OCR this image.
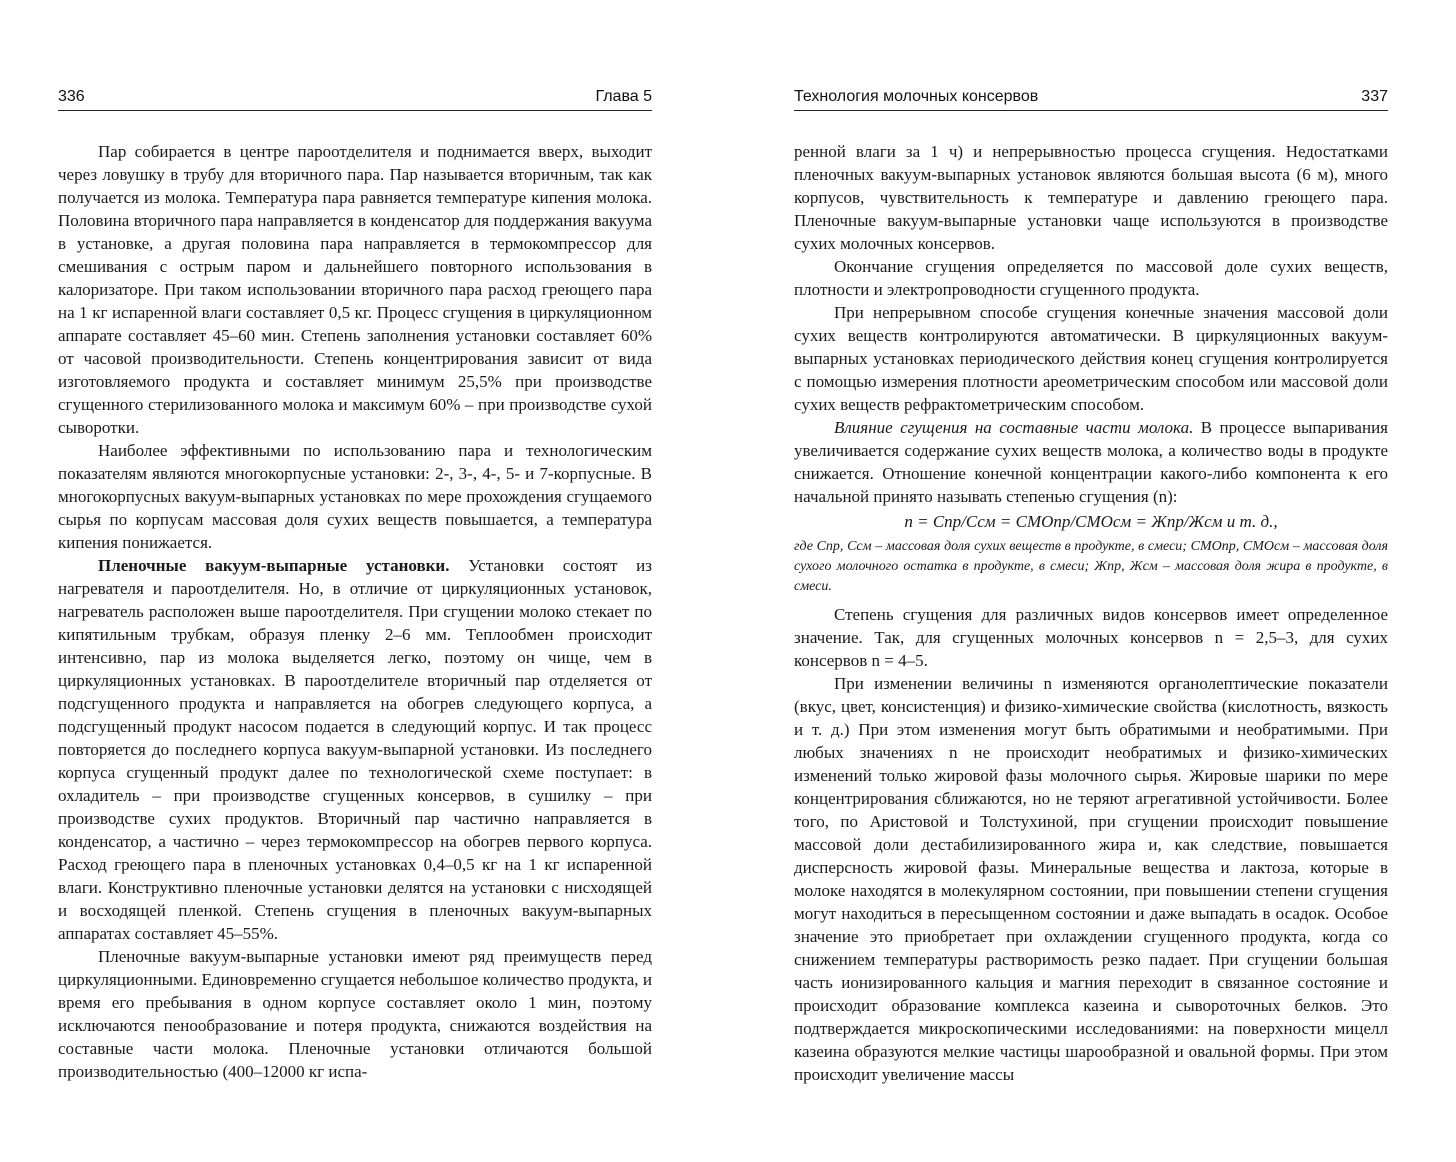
336	Глава 5

Пар собирается в центре пароотделителя и поднимается вверх, выходит через ловушку в трубу для вторичного пара. Пар называется вторичным, так как получается из молока. Температура пара равняется температуре кипения молока. Половина вторичного пара направляется в конденсатор для поддержания вакуума в установке, а другая половина пара направляется в термокомпрессор для смешивания с острым паром и дальнейшего повторного использования в калоризаторе. При таком использовании вторичного пара расход греющего пара на 1 кг испаренной влаги составляет 0,5 кг. Процесс сгущения в циркуляционном аппарате составляет 45–60 мин. Степень заполнения установки составляет 60% от часовой производительности. Степень концентрирования зависит от вида изготовляемого продукта и составляет минимум 25,5% при производстве сгущенного стерилизованного молока и максимум 60% – при производстве сухой сыворотки.

Наиболее эффективными по использованию пара и технологическим показателям являются многокорпусные установки: 2-, 3-, 4-, 5- и 7-корпусные. В многокорпусных вакуум-выпарных установках по мере прохождения сгущаемого сырья по корпусам массовая доля сухих веществ повышается, а температура кипения понижается.

Пленочные вакуум-выпарные установки. Установки состоят из нагревателя и пароотделителя. Но, в отличие от циркуляционных установок, нагреватель расположен выше пароотделителя. При сгущении молоко стекает по кипятильным трубкам, образуя пленку 2–6 мм. Теплообмен происходит интенсивно, пар из молока выделяется легко, поэтому он чище, чем в циркуляционных установках. В пароотделителе вторичный пар отделяется от подсгущенного продукта и направляется на обогрев следующего корпуса, а подсгущенный продукт насосом подается в следующий корпус. И так процесс повторяется до последнего корпуса вакуум-выпарной установки. Из последнего корпуса сгущенный продукт далее по технологической схеме поступает: в охладитель – при производстве сгущенных консервов, в сушилку – при производстве сухих продуктов. Вторичный пар частично направляется в конденсатор, а частично – через термокомпрессор на обогрев первого корпуса. Расход греющего пара в пленочных установках 0,4–0,5 кг на 1 кг испаренной влаги. Конструктивно пленочные установки делятся на установки с нисходящей и восходящей пленкой. Степень сгущения в пленочных вакуум-выпарных аппаратах составляет 45–55%.

Пленочные вакуум-выпарные установки имеют ряд преимуществ перед циркуляционными. Единовременно сгущается небольшое количество продукта, и время его пребывания в одном корпусе составляет около 1 мин, поэтому исключаются пенообразование и потеря продукта, снижаются воздействия на составные части молока. Пленочные установки отличаются большой производительностью (400–12000 кг испа-

Технология молочных консервов	337

ренной влаги за 1 ч) и непрерывностью процесса сгущения. Недостатками пленочных вакуум-выпарных установок являются большая высота (6 м), много корпусов, чувствительность к температуре и давлению греющего пара. Пленочные вакуум-выпарные установки чаще используются в производстве сухих молочных консервов.

Окончание сгущения определяется по массовой доле сухих веществ, плотности и электропроводности сгущенного продукта.

При непрерывном способе сгущения конечные значения массовой доли сухих веществ контролируются автоматически. В циркуляционных вакуум-выпарных установках периодического действия конец сгущения контролируется с помощью измерения плотности ареометрическим способом или массовой доли сухих веществ рефрактометрическим способом.

Влияние сгущения на составные части молока. В процессе выпаривания увеличивается содержание сухих веществ молока, а количество воды в продукте снижается. Отношение конечной концентрации какого-либо компонента к его начальной принято называть степенью сгущения (n):

n = Cпр/Cсм = СМОпр/СМОсм = Жпр/Жсм и т. д.,

где Cпр, Cсм – массовая доля сухих веществ в продукте, в смеси; СМОпр, СМОсм – массовая доля сухого молочного остатка в продукте, в смеси; Жпр, Жсм – массовая доля жира в продукте, в смеси.

Степень сгущения для различных видов консервов имеет определенное значение. Так, для сгущенных молочных консервов n = 2,5–3, для сухих консервов n = 4–5.

При изменении величины n изменяются органолептические показатели (вкус, цвет, консистенция) и физико-химические свойства (кислотность, вязкость и т. д.) При этом изменения могут быть обратимыми и необратимыми. При любых значениях n не происходит необратимых и физико-химических изменений только жировой фазы молочного сырья. Жировые шарики по мере концентрирования сближаются, но не теряют агрегативной устойчивости. Более того, по Аристовой и Толстухиной, при сгущении происходит повышение массовой доли дестабилизированного жира и, как следствие, повышается дисперсность жировой фазы. Минеральные вещества и лактоза, которые в молоке находятся в молекулярном состоянии, при повышении степени сгущения могут находиться в пересыщенном состоянии и даже выпадать в осадок. Особое значение это приобретает при охлаждении сгущенного продукта, когда со снижением температуры растворимость резко падает. При сгущении большая часть ионизированного кальция и магния переходит в связанное состояние и происходит образование комплекса казеина и сывороточных белков. Это подтверждается микроскопическими исследованиями: на поверхности мицелл казеина образуются мелкие частицы шарообразной и овальной формы. При этом происходит увеличение массы
